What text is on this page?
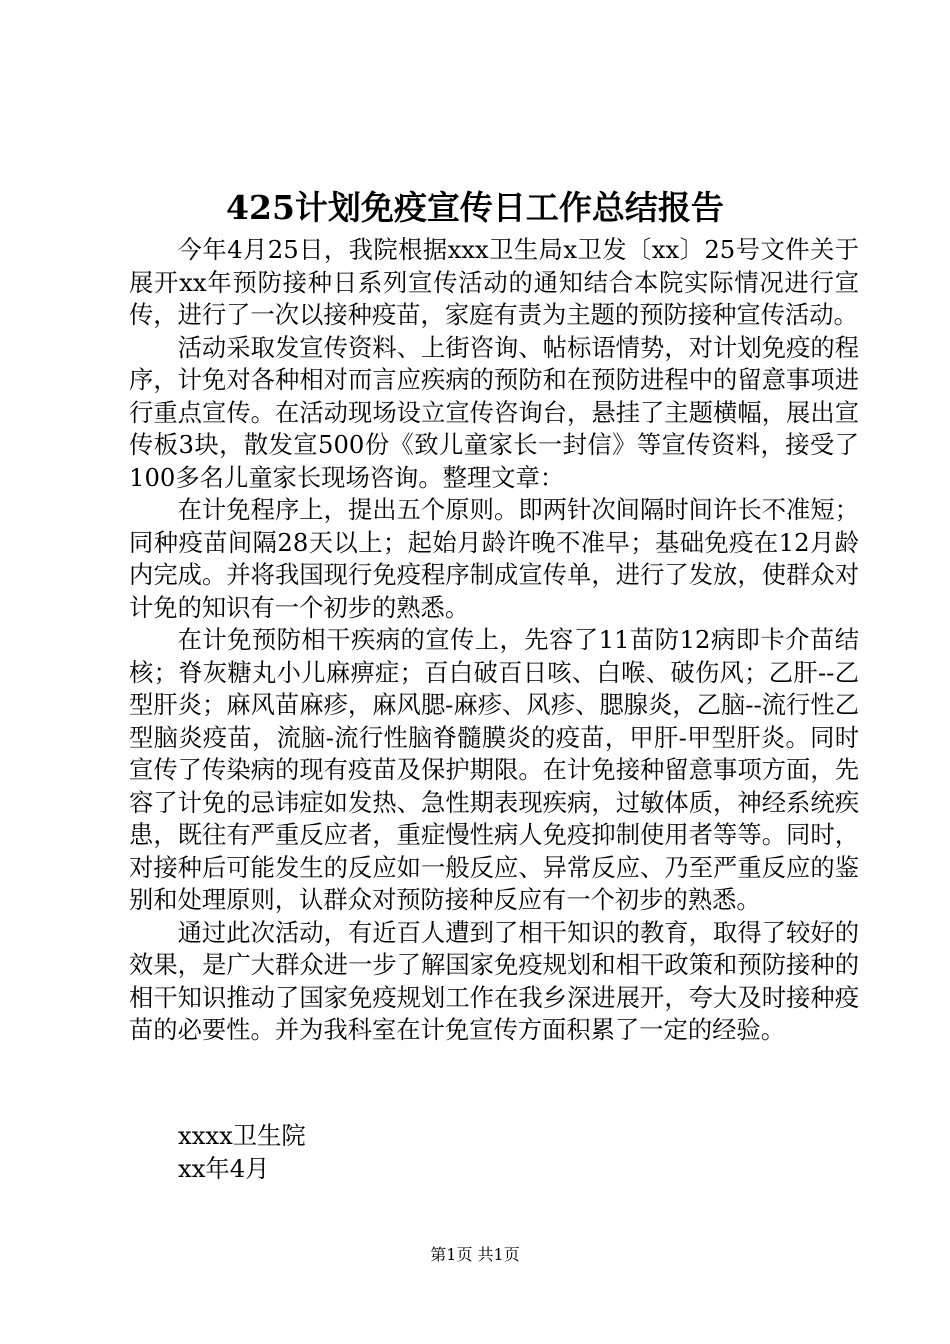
425计划免疫宣传日工作总结报告

今年4月25日，我院根据xxx卫生局x卫发〔xx〕25号文件关于展开xx年预防接种日系列宣传活动的通知结合本院实际情况进行宣传，进行了一次以接种疫苗，家庭有责为主题的预防接种宣传活动。

活动采取发宣传资料、上街咨询、帖标语情势，对计划免疫的程序，计免对各种相对而言应疾病的预防和在预防进程中的留意事项进行重点宣传。在活动现场设立宣传咨询台，悬挂了主题横幅，展出宣传板3块，散发宣500份《致儿童家长一封信》等宣传资料，接受了100多名儿童家长现场咨询。整理文章：

在计免程序上，提出五个原则。即两针次间隔时间许长不准短；同种疫苗间隔28天以上；起始月龄许晚不准早；基础免疫在12月龄内完成。并将我国现行免疫程序制成宣传单，进行了发放，使群众对计免的知识有一个初步的熟悉。

在计免预防相干疾病的宣传上，先容了11苗防12病即卡介苗结核；脊灰糖丸小儿麻痹症；百白破百日咳、白喉、破伤风；乙肝--乙型肝炎；麻风苗麻疹，麻风腮-麻疹、风疹、腮腺炎，乙脑--流行性乙型脑炎疫苗，流脑-流行性脑脊髓膜炎的疫苗，甲肝-甲型肝炎。同时宣传了传染病的现有疫苗及保护期限。在计免接种留意事项方面，先容了计免的忌讳症如发热、急性期表现疾病，过敏体质，神经系统疾患，既往有严重反应者，重症慢性病人免疫抑制使用者等等。同时，对接种后可能发生的反应如一般反应、异常反应、乃至严重反应的鉴别和处理原则，认群众对预防接种反应有一个初步的熟悉。

通过此次活动，有近百人遭到了相干知识的教育，取得了较好的效果，是广大群众进一步了解国家免疫规划和相干政策和预防接种的相干知识推动了国家免疫规划工作在我乡深进展开，夸大及时接种疫苗的必要性。并为我科室在计免宣传方面积累了一定的经验。

xxxx卫生院
xx年4月
第1页 共1页
